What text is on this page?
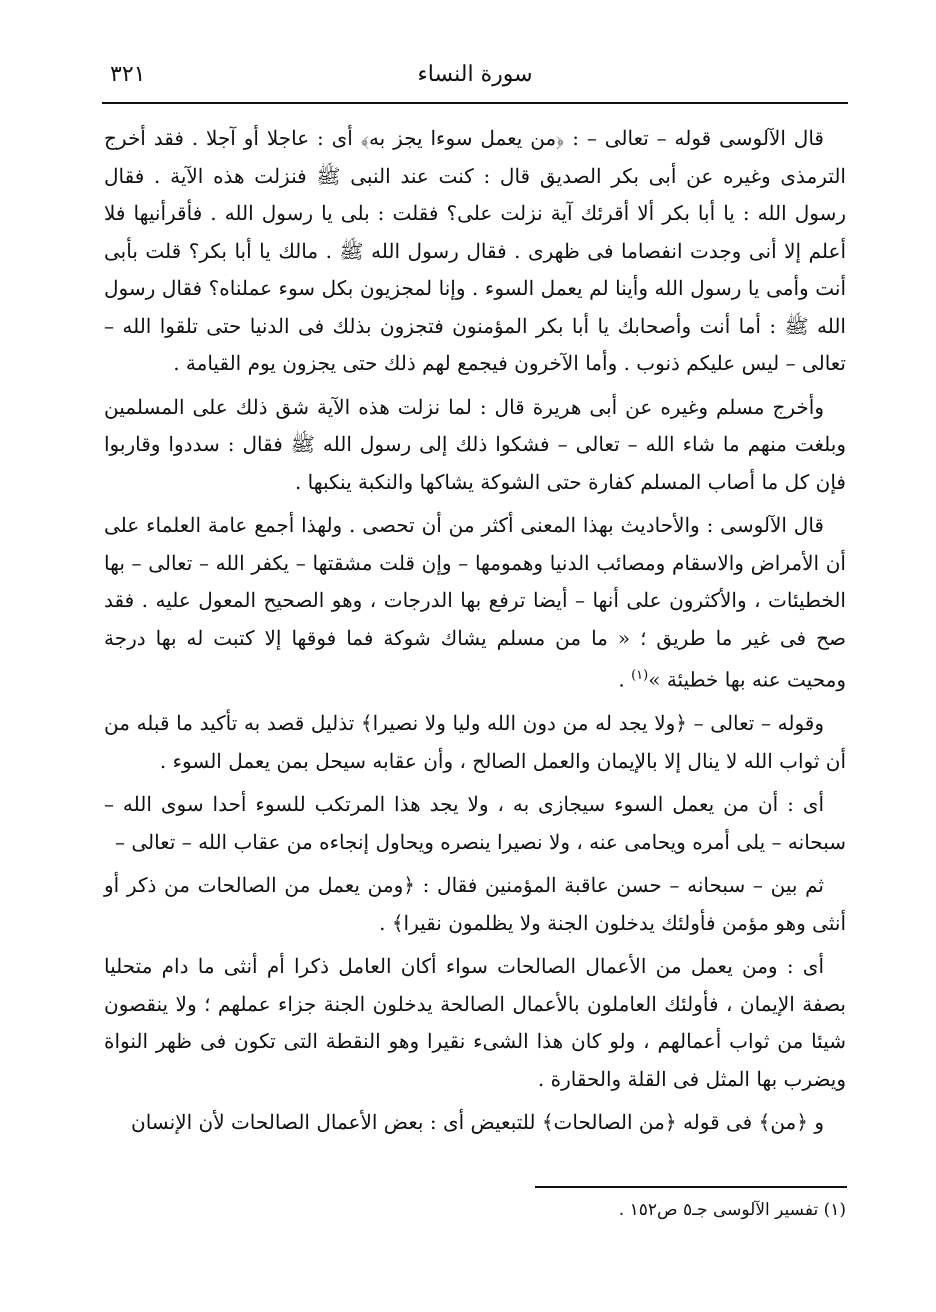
سورة النساء
٣٢١

قال الآلوسى قوله – تعالى – : ﴿من يعمل سوءا يجز به﴾ أى : عاجلا أو آجلا . فقد أخرج الترمذى وغيره عن أبى بكر الصديق قال : كنت عند النبى ﷺ فنزلت هذه الآية . فقال رسول الله : يا أبا بكر ألا أقرئك آية نزلت على؟ فقلت : بلى يا رسول الله . فأقرأنيها فلا أعلم إلا أنى وجدت انفصاما فى ظهرى . فقال رسول الله ﷺ . مالك يا أبا بكر؟ قلت بأبى أنت وأمى يا رسول الله وأينا لم يعمل السوء . وإنا لمجزيون بكل سوء عملناه؟ فقال رسول الله ﷺ : أما أنت وأصحابك يا أبا بكر المؤمنون فتجزون بذلك فى الدنيا حتى تلقوا الله – تعالى – ليس عليكم ذنوب . وأما الآخرون فيجمع لهم ذلك حتى يجزون يوم القيامة .

وأخرج مسلم وغيره عن أبى هريرة قال : لما نزلت هذه الآية شق ذلك على المسلمين وبلغت منهم ما شاء الله – تعالى – فشكوا ذلك إلى رسول الله ﷺ فقال : سددوا وقاربوا فإن كل ما أصاب المسلم كفارة حتى الشوكة يشاكها والنكبة ينكبها .

قال الآلوسى : والأحاديث بهذا المعنى أكثر من أن تحصى . ولهذا أجمع عامة العلماء على أن الأمراض والاسقام ومصائب الدنيا وهمومها – وإن قلت مشقتها – يكفر الله – تعالى – بها الخطيئات ، والأكثرون على أنها – أيضا ترفع بها الدرجات ، وهو الصحيح المعول عليه . فقد صح فى غير ما طريق ؛ « ما من مسلم يشاك شوكة فما فوقها إلا كتبت له بها درجة ومحيت عنه بها خطيئة »$^{(١)}$ .

وقوله – تعالى – ﴿ولا يجد له من دون الله وليا ولا نصيرا﴾ تذليل قصد به تأكيد ما قبله من أن ثواب الله لا ينال إلا بالإيمان والعمل الصالح ، وأن عقابه سيحل بمن يعمل السوء .

أى : أن من يعمل السوء سيجازى به ، ولا يجد هذا المرتكب للسوء أحدا سوى الله – سبحانه – يلى أمره ويحامى عنه ، ولا نصيرا ينصره ويحاول إنجاءه من عقاب الله – تعالى –

ثم بين – سبحانه – حسن عاقبة المؤمنين فقال : ﴿ومن يعمل من الصالحات من ذكر أو أنثى وهو مؤمن فأولئك يدخلون الجنة ولا يظلمون نقيرا﴾ .

أى : ومن يعمل من الأعمال الصالحات سواء أكان العامل ذكرا أم أنثى ما دام متحليا بصفة الإيمان ، فأولئك العاملون بالأعمال الصالحة يدخلون الجنة جزاء عملهم ؛ ولا ينقصون شيئا من ثواب أعمالهم ، ولو كان هذا الشىء نقيرا وهو النقطة التى تكون فى ظهر النواة ويضرب بها المثل فى القلة والحقارة .

و ﴿من﴾ فى قوله ﴿من الصالحات﴾ للتبعيض أى : بعض الأعمال الصالحات لأن الإنسان

(١) تفسير الآلوسى جـ٥ ص١٥٢ .
